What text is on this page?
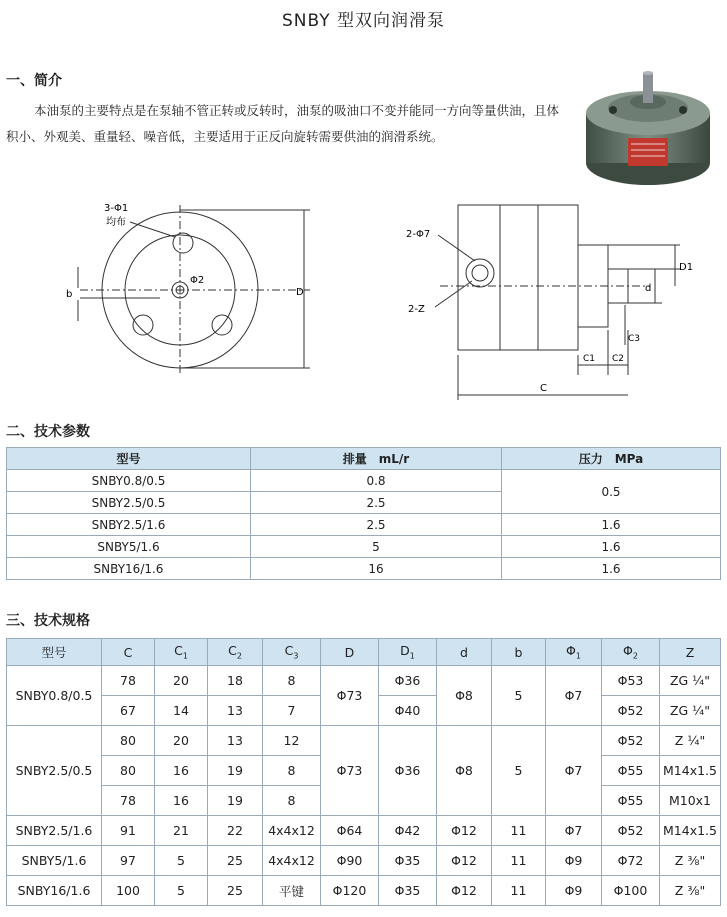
SNBY 型双向润滑泵
一、简介
本油泵的主要特点是在泵轴不管正转或反转时，油泵的吸油口不变并能同一方向等量供油，且体积小、外观美、重量轻、噪音低，主要适用于正反向旋转需要供油的润滑系统。
3-Φ1
均布
b
Φ2
D
2-Φ7
2-Z
d
D1
C3
C1 C2
C
二、技术参数
型号	排量　mL/r	压力　MPa
SNBY0.8/0.5	0.8	0.5
SNBY2.5/0.5	2.5	
SNBY2.5/1.6	2.5	1.6
SNBY5/1.6	5	1.6
SNBY16/1.6	16	1.6
三、技术规格
型号	C	$C_1$	$C_2$	$C_3$	D	$D_1$	d	b	$\Phi_1$	$\Phi_2$	Z
SNBY0.8/0.5	78	20	18	8	Φ73	Φ36	Φ8	5	Φ7	Φ53	ZG ¼"
	67	14	13	7		Φ40				Φ52	ZG ¼"
SNBY2.5/0.5	80	20	13	12	Φ73	Φ36	Φ8	5	Φ7	Φ52	Z ¼"
	80	16	19	8						Φ55	M14x1.5
	78	16	19	8						Φ55	M10x1
SNBY2.5/1.6	91	21	22	4x4x12	Φ64	Φ42	Φ12	11	Φ7	Φ52	M14x1.5
SNBY5/1.6	97	5	25	4x4x12	Φ90	Φ35	Φ12	11	Φ9	Φ72	Z ⅜"
SNBY16/1.6	100	5	25	平键	Φ120	Φ35	Φ12	11	Φ9	Φ100	Z ⅜"
